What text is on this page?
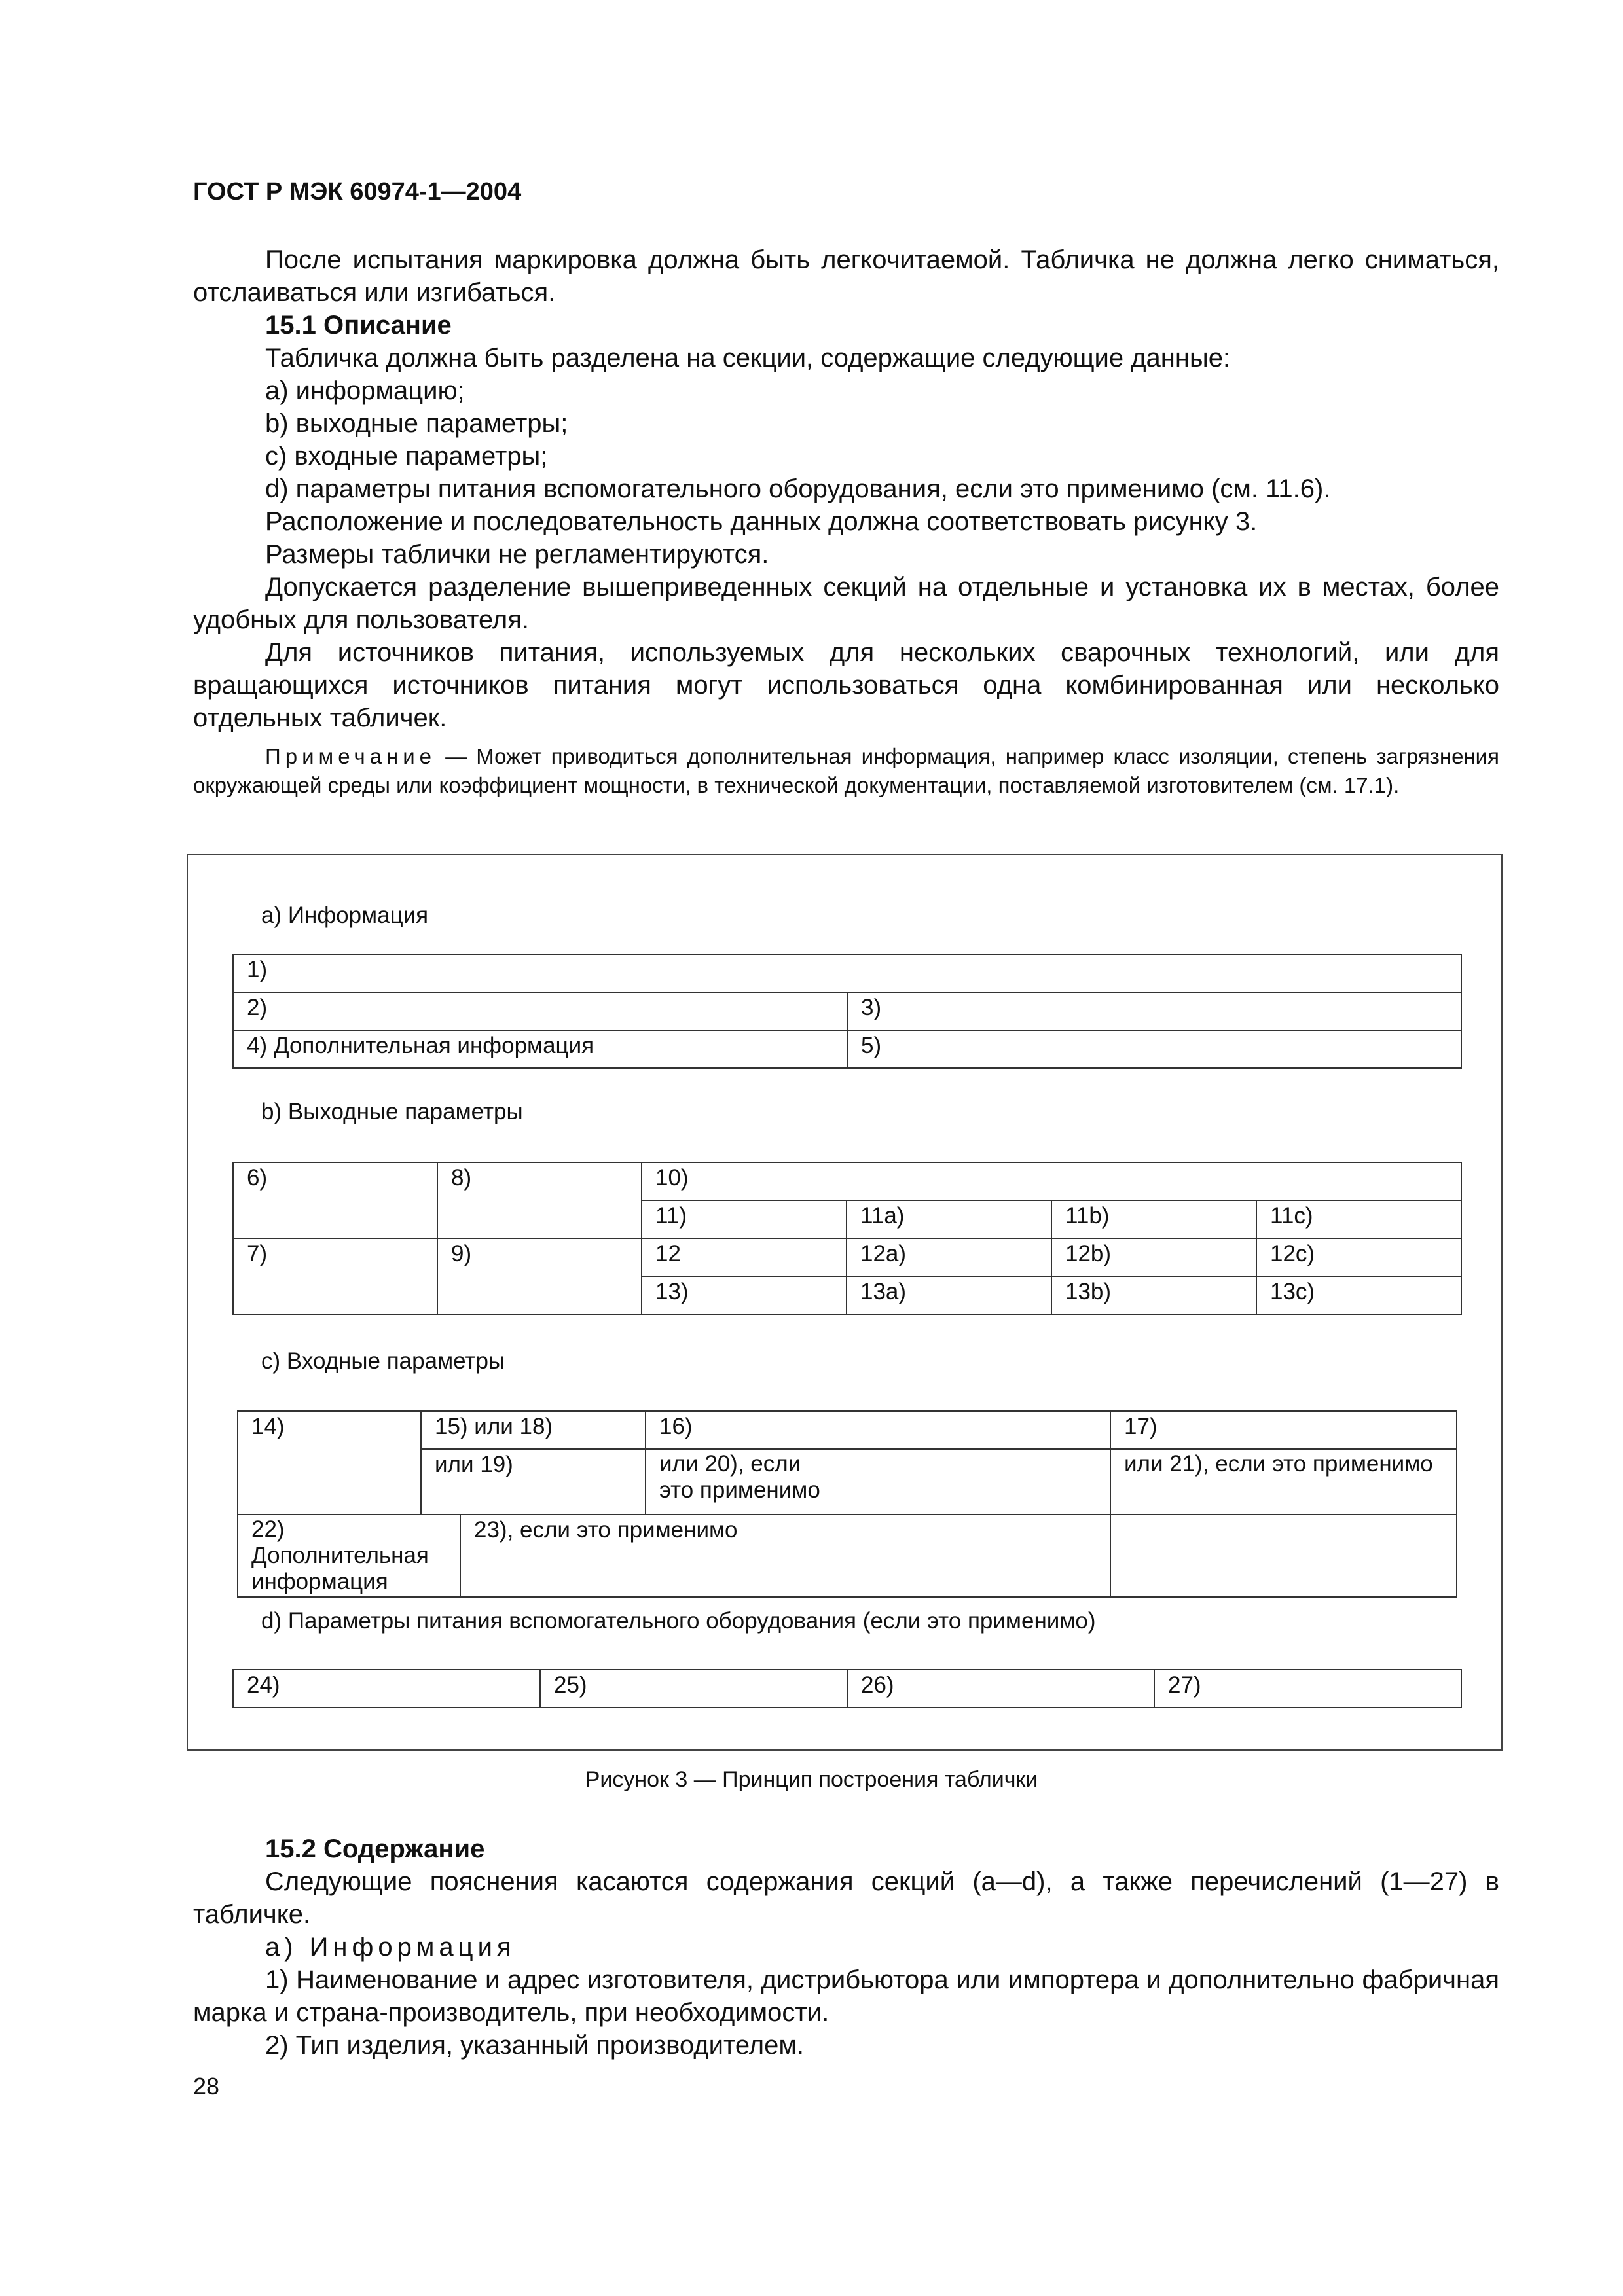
ГОСТ Р МЭК 60974-1—2004

После испытания маркировка должна быть легкочитаемой. Табличка не должна легко сниматься, отслаиваться или изгибаться.

15.1 Описание

Табличка должна быть разделена на секции, содержащие следующие данные:

a) информацию;

b) выходные параметры;

c) входные параметры;

d) параметры питания вспомогательного оборудования, если это применимо (см. 11.6).

Расположение и последовательность данных должна соответствовать рисунку 3.

Размеры таблички не регламентируются.

Допускается разделение вышеприведенных секций на отдельные и установка их в местах, более удобных для пользователя.

Для источников питания, используемых для нескольких сварочных технологий, или для вращающихся источников питания могут использоваться одна комбинированная или несколько отдельных табличек.

Примечание — Может приводиться дополнительная информация, например класс изоляции, степень загрязнения окружающей среды или коэффициент мощности, в технической документации, поставляемой изготовителем (см. 17.1).

a) Информация
1)	
2)	3)
4) Дополнительная информация	5)
b) Выходные параметры
6)	8)	10)			
		11)	11a)	11b)	11c)
7)	9)	12	12a)	12b)	12c)
		13)	13a)	13b)	13c)
c) Входные параметры
14)	15) или 18)		16)	17)
	или 19)		или 20), если это применимо	или 21), если это применимо
22) Дополнительная информация		23), если это применимо		
d) Параметры питания вспомогательного оборудования (если это применимо)
24)	25)	26)	27)
Рисунок 3 — Принцип построения таблички

15.2 Содержание

Следующие пояснения касаются содержания секций (a—d), а также перечислений (1—27) в табличке.

a) Информация

1) Наименование и адрес изготовителя, дистрибьютора или импортера и дополнительно фабричная марка и страна-производитель, при необходимости.

2) Тип изделия, указанный производителем.

28
